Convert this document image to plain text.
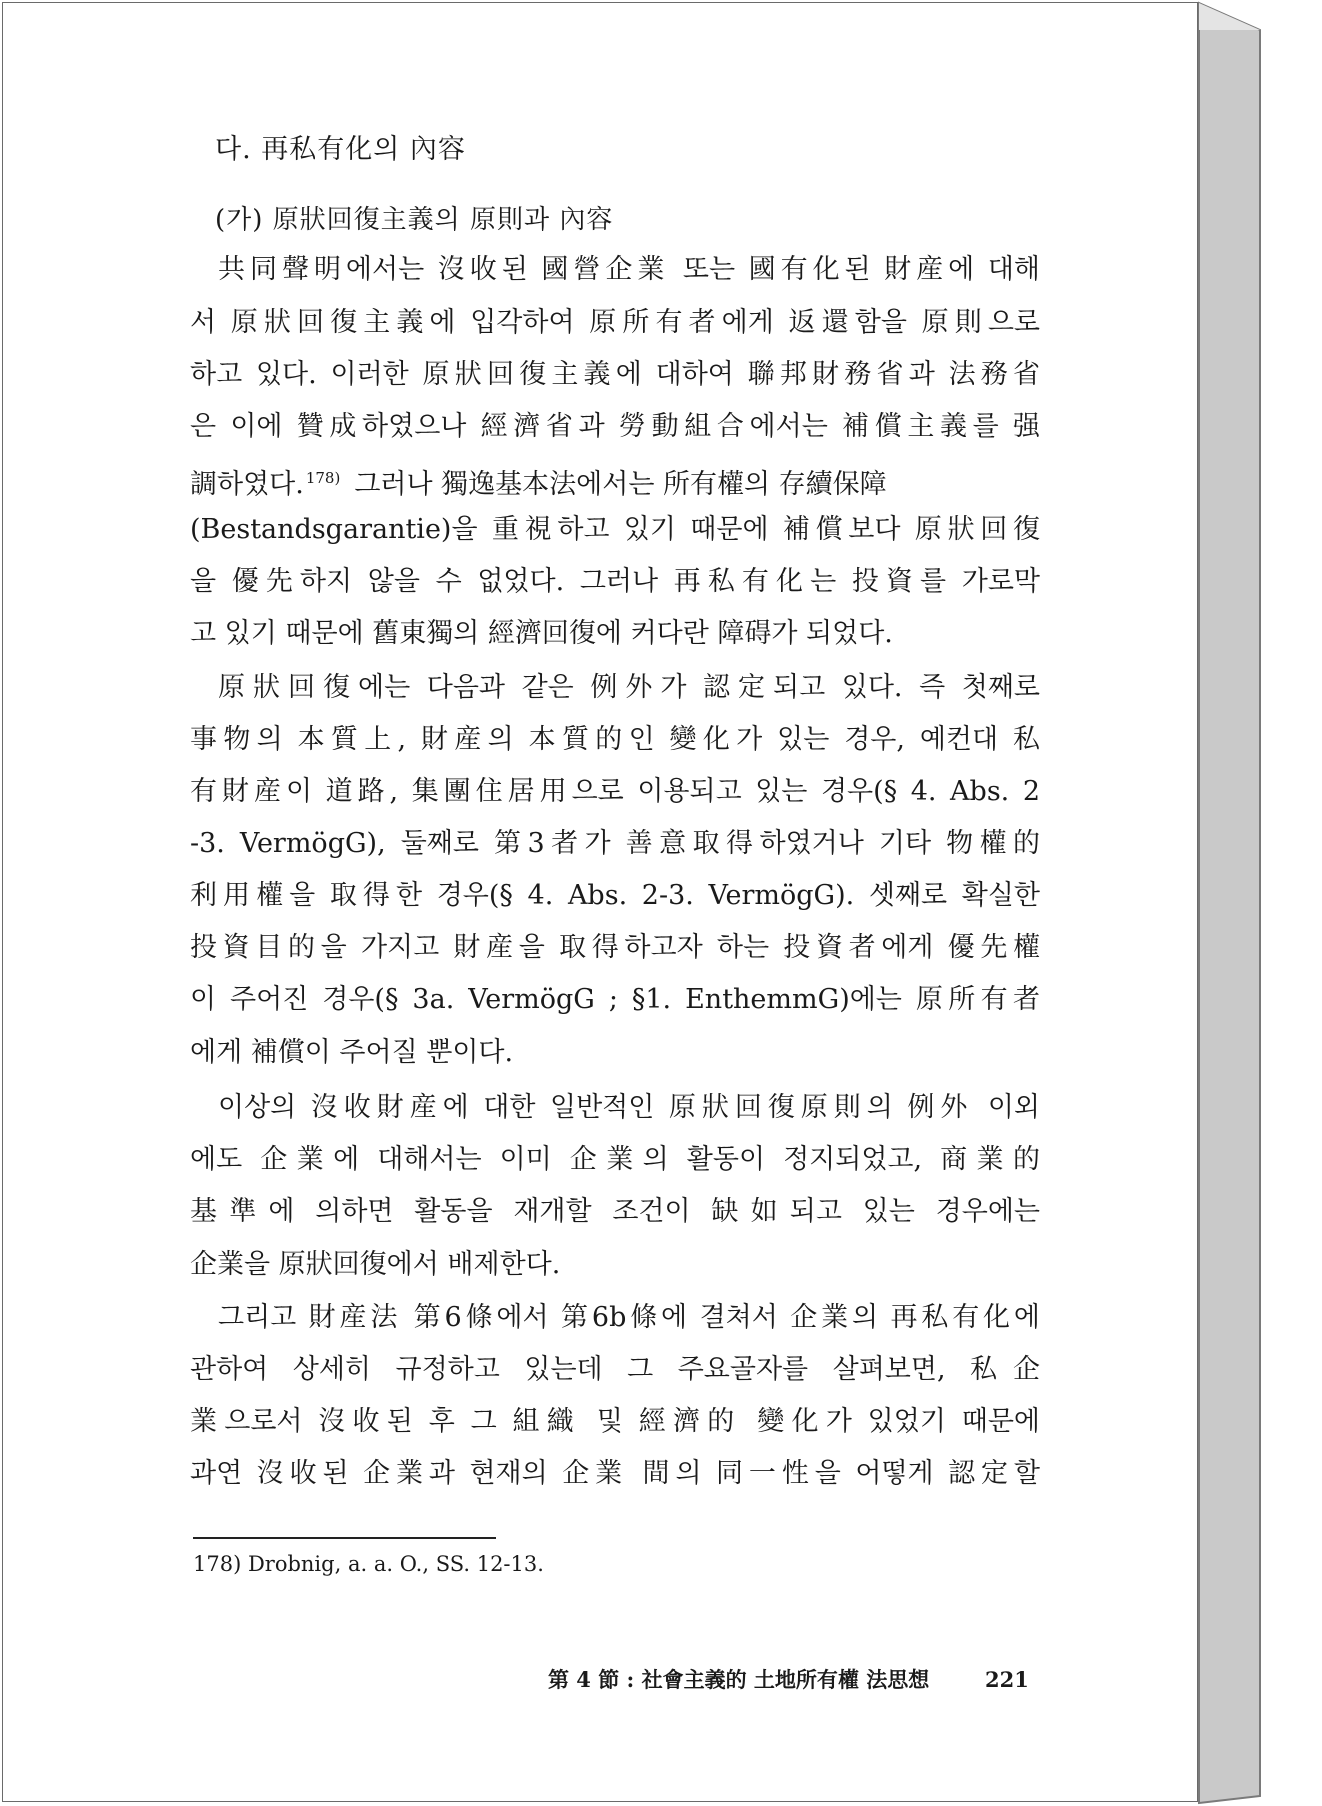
다. 再私有化의 內容
(가) 原狀回復主義의 原則과 內容
共同聲明에서는 沒收된 國營企業 또는 國有化된 財産에 대해
서 原狀回復主義에 입각하여 原所有者에게 返還함을 原則으로
하고 있다. 이러한 原狀回復主義에 대하여 聯邦財務省과 法務省
은 이에 贊成하였으나 經濟省과 勞動組合에서는 補償主義를 强
調하였다. $^{178)}$ 그러나 獨逸基本法에서는 所有權의 存續保障
(Bestandsgarantie)을 重視하고 있기 때문에 補償보다 原狀回復
을 優先하지 않을 수 없었다. 그러나 再私有化는 投資를 가로막
고 있기 때문에 舊東獨의 經濟回復에 커다란 障碍가 되었다.
原狀回復에는 다음과 같은 例外가 認定되고 있다. 즉 첫째로
事物의 本質上, 財産의 本質的인 變化가 있는 경우, 예컨대 私
有財産이 道路, 集團住居用으로 이용되고 있는 경우(§ 4. Abs. 2
-3. VermögG), 둘째로 第3者가 善意取得하였거나 기타 物權的
利用權을 取得한 경우(§ 4. Abs. 2-3. VermögG). 셋째로 확실한
投資目的을 가지고 財産을 取得하고자 하는 投資者에게 優先權
이 주어진 경우(§ 3a. VermögG ; §1. EnthemmG)에는 原所有者
에게 補償이 주어질 뿐이다.
이상의 沒收財産에 대한 일반적인 原狀回復原則의 例外 이외
에도 企業에 대해서는 이미 企業의 활동이 정지되었고, 商業的
基準에 의하면 활동을 재개할 조건이 缺如되고 있는 경우에는
企業을 原狀回復에서 배제한다.
그리고 財産法 第6條에서 第6b條에 결쳐서 企業의 再私有化에
관하여 상세히 규정하고 있는데 그 주요골자를 살펴보면, 私企
業으로서 沒收된 후 그 組織 및 經濟的 變化가 있었기 때문에
과연 沒收된 企業과 현재의 企業 間의 同一性을 어떻게 認定할
178) Drobnig, a. a. O., SS. 12-13.
第 4 節 : 社會主義的 土地所有權 法思想	221
